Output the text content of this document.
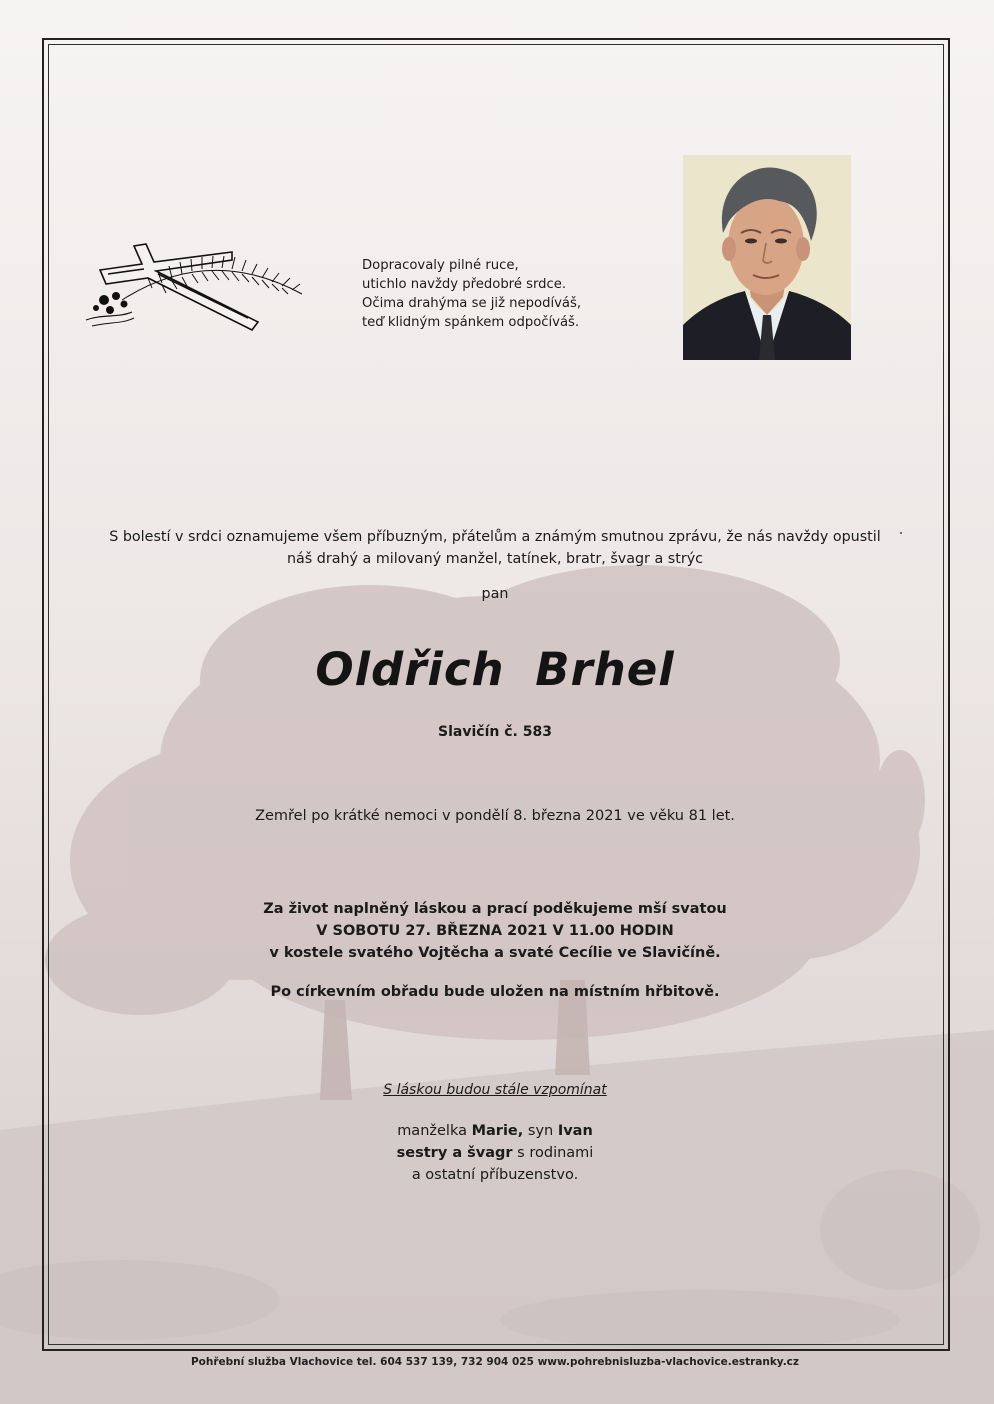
Dopracovaly pilné ruce,
utichlo navždy předobré srdce.
Očima drahýma se již nepodíváš,
teď klidným spánkem odpočíváš.
S bolestí v srdci oznamujeme všem příbuzným, přátelům a známým smutnou zprávu, že nás navždy opustil
náš drahý a milovaný manžel, tatínek, bratr, švagr a strýc
pan
Oldřich Brhel
Slavičín č. 583
Zemřel po krátké nemoci v pondělí 8. března 2021 ve věku 81 let.
Za život naplněný láskou a prací poděkujeme mší svatou
V SOBOTU 27. BŘEZNA 2021 V 11.00 HODIN
v kostele svatého Vojtěcha a svaté Cecílie ve Slavičíně.
Po církevním obřadu bude uložen na místním hřbitově.
S láskou budou stále vzpomínat
manželka Marie, syn Ivan
sestry a švagr s rodinami
a ostatní příbuzenstvo.
Pohřební služba Vlachovice tel. 604 537 139, 732 904 025 www.pohrebnisluzba-vlachovice.estranky.cz
